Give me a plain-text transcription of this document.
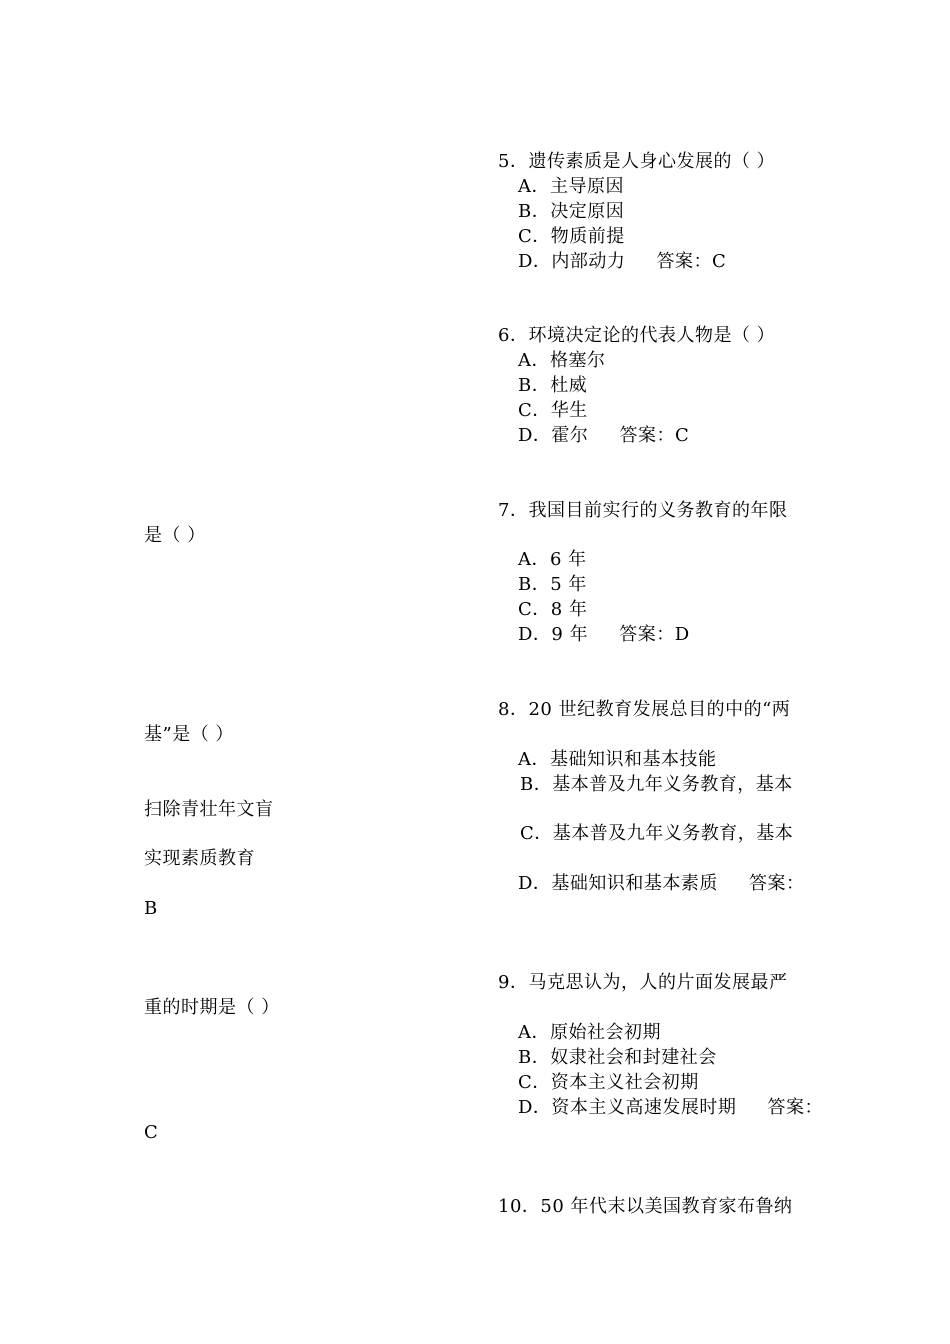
5．遗传素质是人身心发展的（ ）
A．主导原因
B．决定原因
C．物质前提
D．内部动力     答案：C
6．环境决定论的代表人物是（ ）
A．格塞尔
B．杜威
C．华生
D．霍尔     答案：C
7．我国目前实行的义务教育的年限
是（ ）
A．6 年
B．5 年
C．8 年
D．9 年     答案：D
8．20 世纪教育发展总目的中的“两
基”是（ ）
A．基础知识和基本技能
B．基本普及九年义务教育，基本
扫除青壮年文盲
C．基本普及九年义务教育，基本
实现素质教育
D．基础知识和基本素质     答案：
B
9．马克思认为，人的片面发展最严
重的时期是（ ）
A．原始社会初期
B．奴隶社会和封建社会
C．资本主义社会初期
D．资本主义高速发展时期     答案：
C
10．50 年代末以美国教育家布鲁纳
